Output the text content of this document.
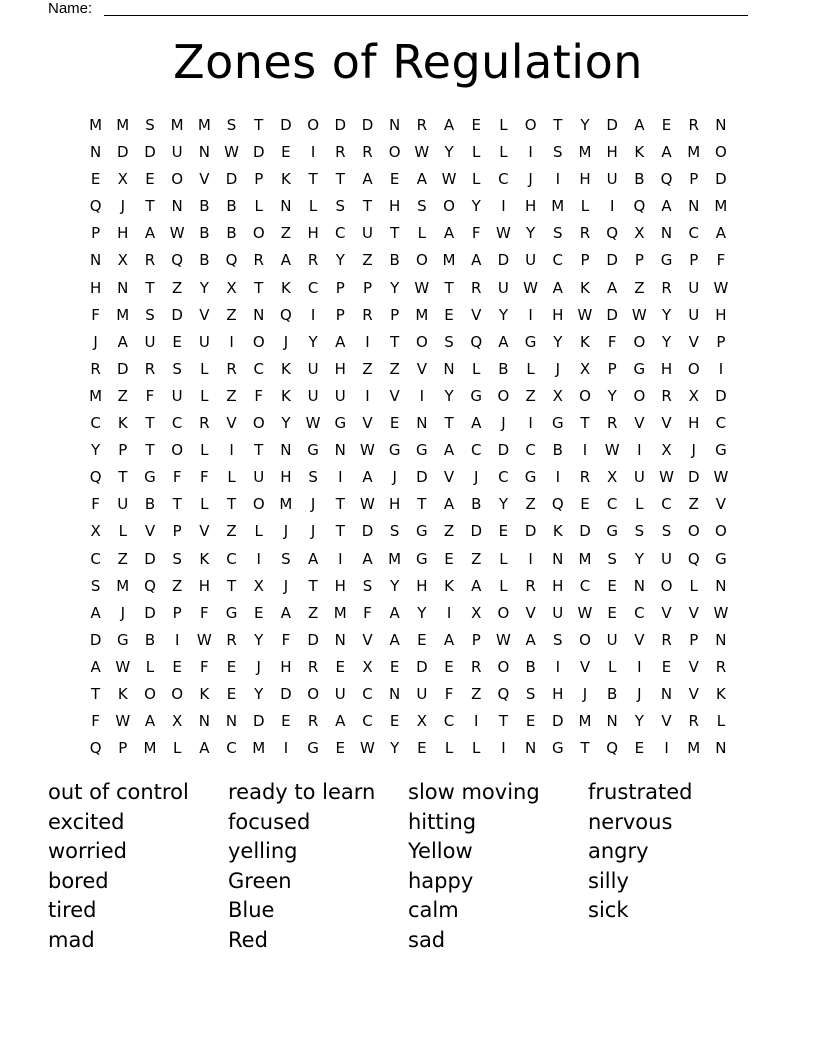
Name:
Zones of Regulation
M M	S	M M	S	T	D	O	D	D	N	R	A	E	L	O	T	Y	D	A	E	R	N
N	D	D	U	N W D	E	I	R	R	O W	Y	L	L	I	S	M	H	K	A	M O
E	X	E	O	V	D	P	K	T	T	A	E	A W	L	C	J	I	H	U	B	Q	P	D
Q	J	T	N	B	B	L	N	L	S	T	H	S	O	Y	I	H	M	L	I	Q	A	N	M
P	H	A W B	B	O	Z	H	C	U	T	L	A	F	W	Y	S	R	Q	X	N	C	A
N	X	R	Q	B	Q	R	A	R	Y	Z	B	O M	A	D	U	C	P	D	P	G	P	F
H	N	T	Z	Y	X	T	K	C	P	P	Y	W	T	R	U W A	K	A	Z	R	U W
F	M	S	D	V	Z	N	Q	I	P	R	P	M	E	V	Y	I	H W D W	Y	U	H
J	A	U	E	U	I	O	J	Y	A	I	T	O	S	Q	A	G	Y	K	F	O	Y	V	P
R	D	R	S	L	R	C	K	U	H	Z	Z	V	N	L	B	L	J	X	P	G	H	O	I
M	Z	F	U	L	Z	F	K	U	U	I	V	I	Y	G	O	Z	X	O	Y	O	R	X	D
C	K	T	C	R	V	O	Y	W G	V	E	N	T	A	J	I	G	T	R	V	V	H	C
Y	P	T	O	L	I	T	N	G	N W G	G	A	C	D	C	B	I	W	I	X	J	G
Q	T	G	F	F	L	U	H	S	I	A	J	D	V	J	C	G	I	R	X	U W D W
F	U	B	T	L	T	O M	J	T	W H	T	A	B	Y	Z	Q	E	C	L	C	Z	V
X	L	V	P	V	Z	L	J	J	T	D	S	G	Z	D	E	D	K	D	G	S	S	O	O
C	Z	D	S	K	C	I	S	A	I	A	M G	E	Z	L	I	N	M	S	Y	U	Q	G
S	M Q	Z	H	T	X	J	T	H	S	Y	H	K	A	L	R	H	C	E	N	O	L	N
A	J	D	P	F	G	E	A	Z	M	F	A	Y	I	X	O	V	U W	E	C	V	V W
D	G	B	I	W R	Y	F	D	N	V	A	E	A	P	W A	S	O	U	V	R	P	N
A W	L	E	F	E	J	H	R	E	X	E	D	E	R	O	B	I	V	L	I	E	V	R
T	K	O	O	K	E	Y	D	O	U	C	N	U	F	Z	Q	S	H	J	B	J	N	V	K
F	W A	X	N	N	D	E	R	A	C	E	X	C	I	T	E	D M	N	Y	V	R	L
Q	P	M	L	A	C	M	I	G	E	W	Y	E	L	L	I	N	G	T	Q	E	I	M	N
out of control
excited
worried
bored
tired
mad
ready to learn
focused
yelling
Green
Blue
Red
slow moving
hitting
Yellow
happy
calm
sad
frustrated
nervous
angry
silly
sick
